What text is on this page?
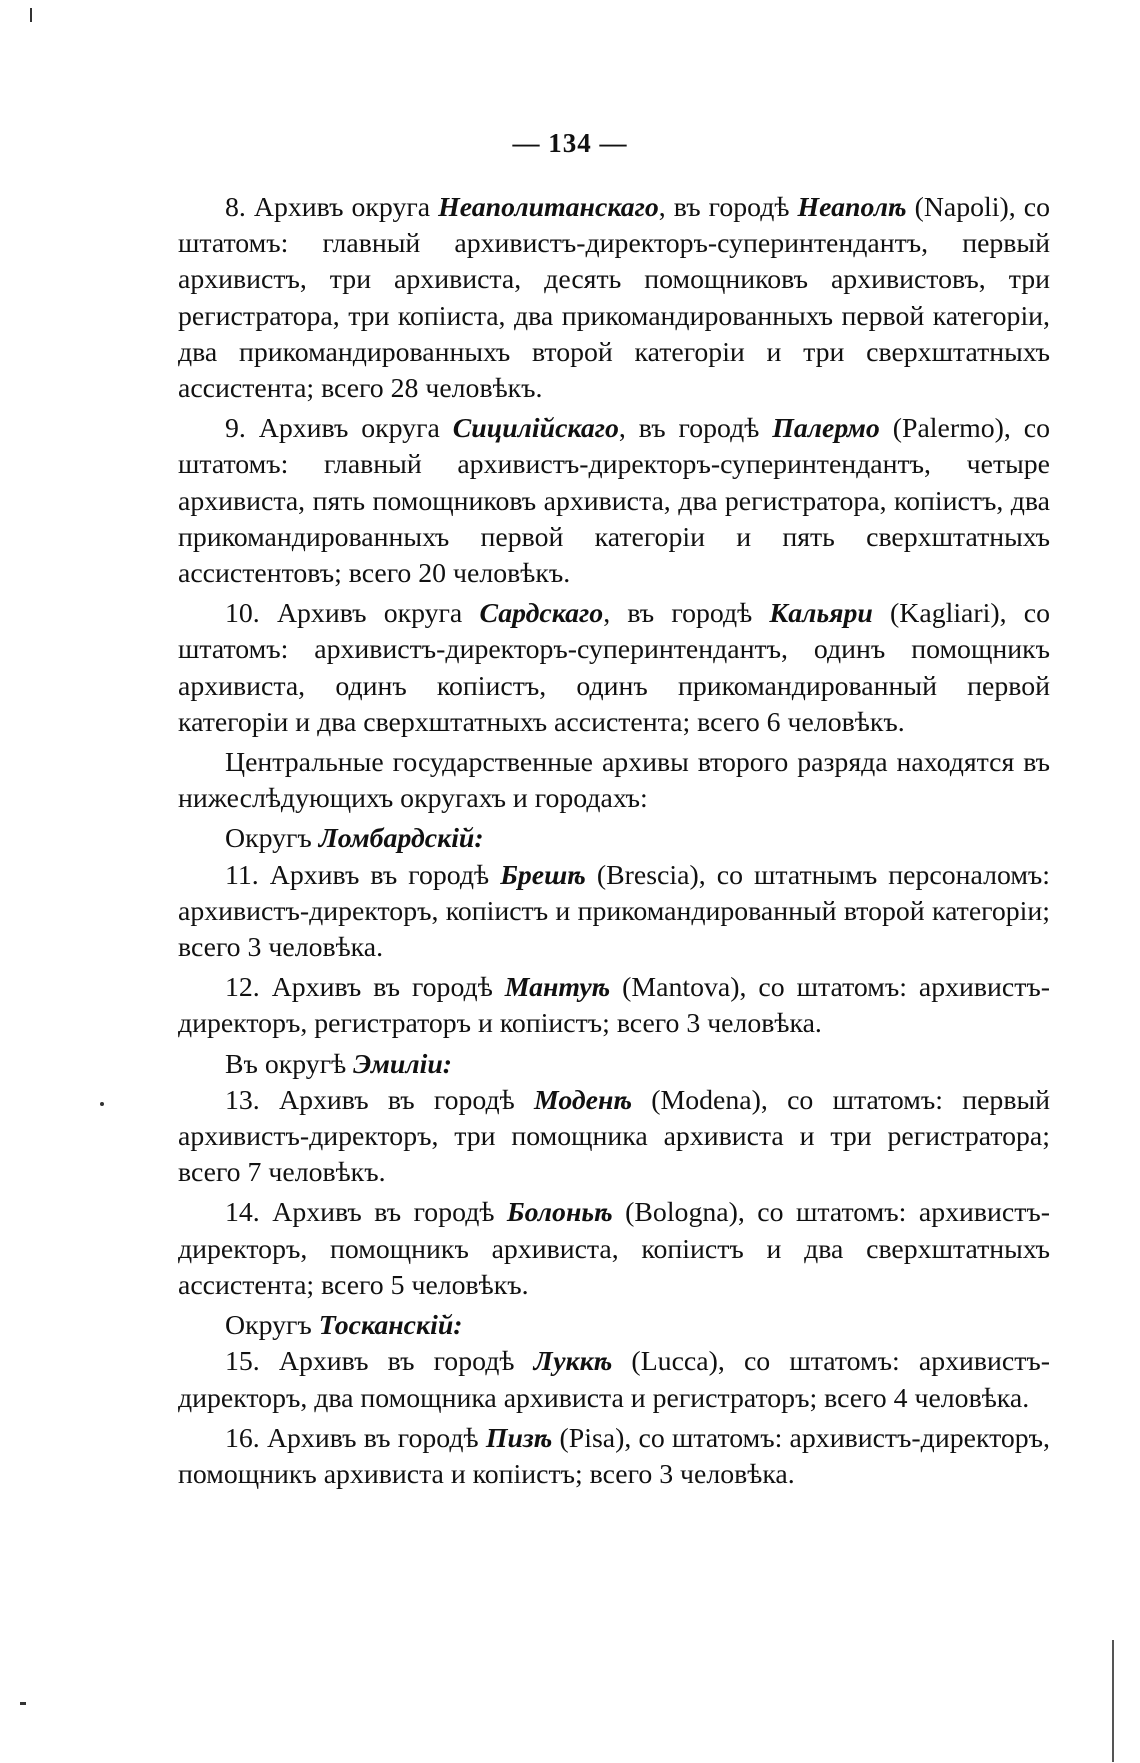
— 134 —

8. Архивъ округа Неаполитанскаго, въ городѣ Неаполѣ (Napoli), со штатомъ: главный архивистъ-директоръ-суперинтендантъ, первый архивистъ, три архивиста, десять помощниковъ архивистовъ, три регистратора, три копіиста, два прикомандированныхъ первой категоріи, два прикомандированныхъ второй категоріи и три сверхштатныхъ ассистента; всего 28 человѣкъ.

9. Архивъ округа Сицилійскаго, въ городѣ Палермо (Palermo), со штатомъ: главный архивистъ-директоръ-суперинтендантъ, четыре архивиста, пять помощниковъ архивиста, два регистратора, копіистъ, два прикомандированныхъ первой категоріи и пять сверхштатныхъ ассистентовъ; всего 20 человѣкъ.

10. Архивъ округа Сардскаго, въ городѣ Кальяри (Kagliari), со штатомъ: архивистъ-директоръ-суперинтендантъ, одинъ помощникъ архивиста, одинъ копіистъ, одинъ прикомандированный первой категоріи и два сверхштатныхъ ассистента; всего 6 человѣкъ.

Центральные государственные архивы второго разряда находятся въ нижеслѣдующихъ округахъ и городахъ:

Округъ Ломбардскій:

11. Архивъ въ городѣ Брешѣ (Brescia), со штатнымъ персоналомъ: архивистъ-директоръ, копіистъ и прикомандированный второй категоріи; всего 3 человѣка.

12. Архивъ въ городѣ Мантуѣ (Mantova), со штатомъ: архивистъ-директоръ, регистраторъ и копіистъ; всего 3 человѣка.

Въ округѣ Эмиліи:

13. Архивъ въ городѣ Моденѣ (Modena), со штатомъ: первый архивистъ-директоръ, три помощника архивиста и три регистратора; всего 7 человѣкъ.

14. Архивъ въ городѣ Болоньѣ (Bologna), со штатомъ: архивистъ-директоръ, помощникъ архивиста, копіистъ и два сверхштатныхъ ассистента; всего 5 человѣкъ.

Округъ Тосканскій:

15. Архивъ въ городѣ Луккѣ (Lucca), со штатомъ: архивистъ-директоръ, два помощника архивиста и регистраторъ; всего 4 человѣка.

16. Архивъ въ городѣ Пизѣ (Pisa), со штатомъ: архивистъ-директоръ, помощникъ архивиста и копіистъ; всего 3 человѣка.
